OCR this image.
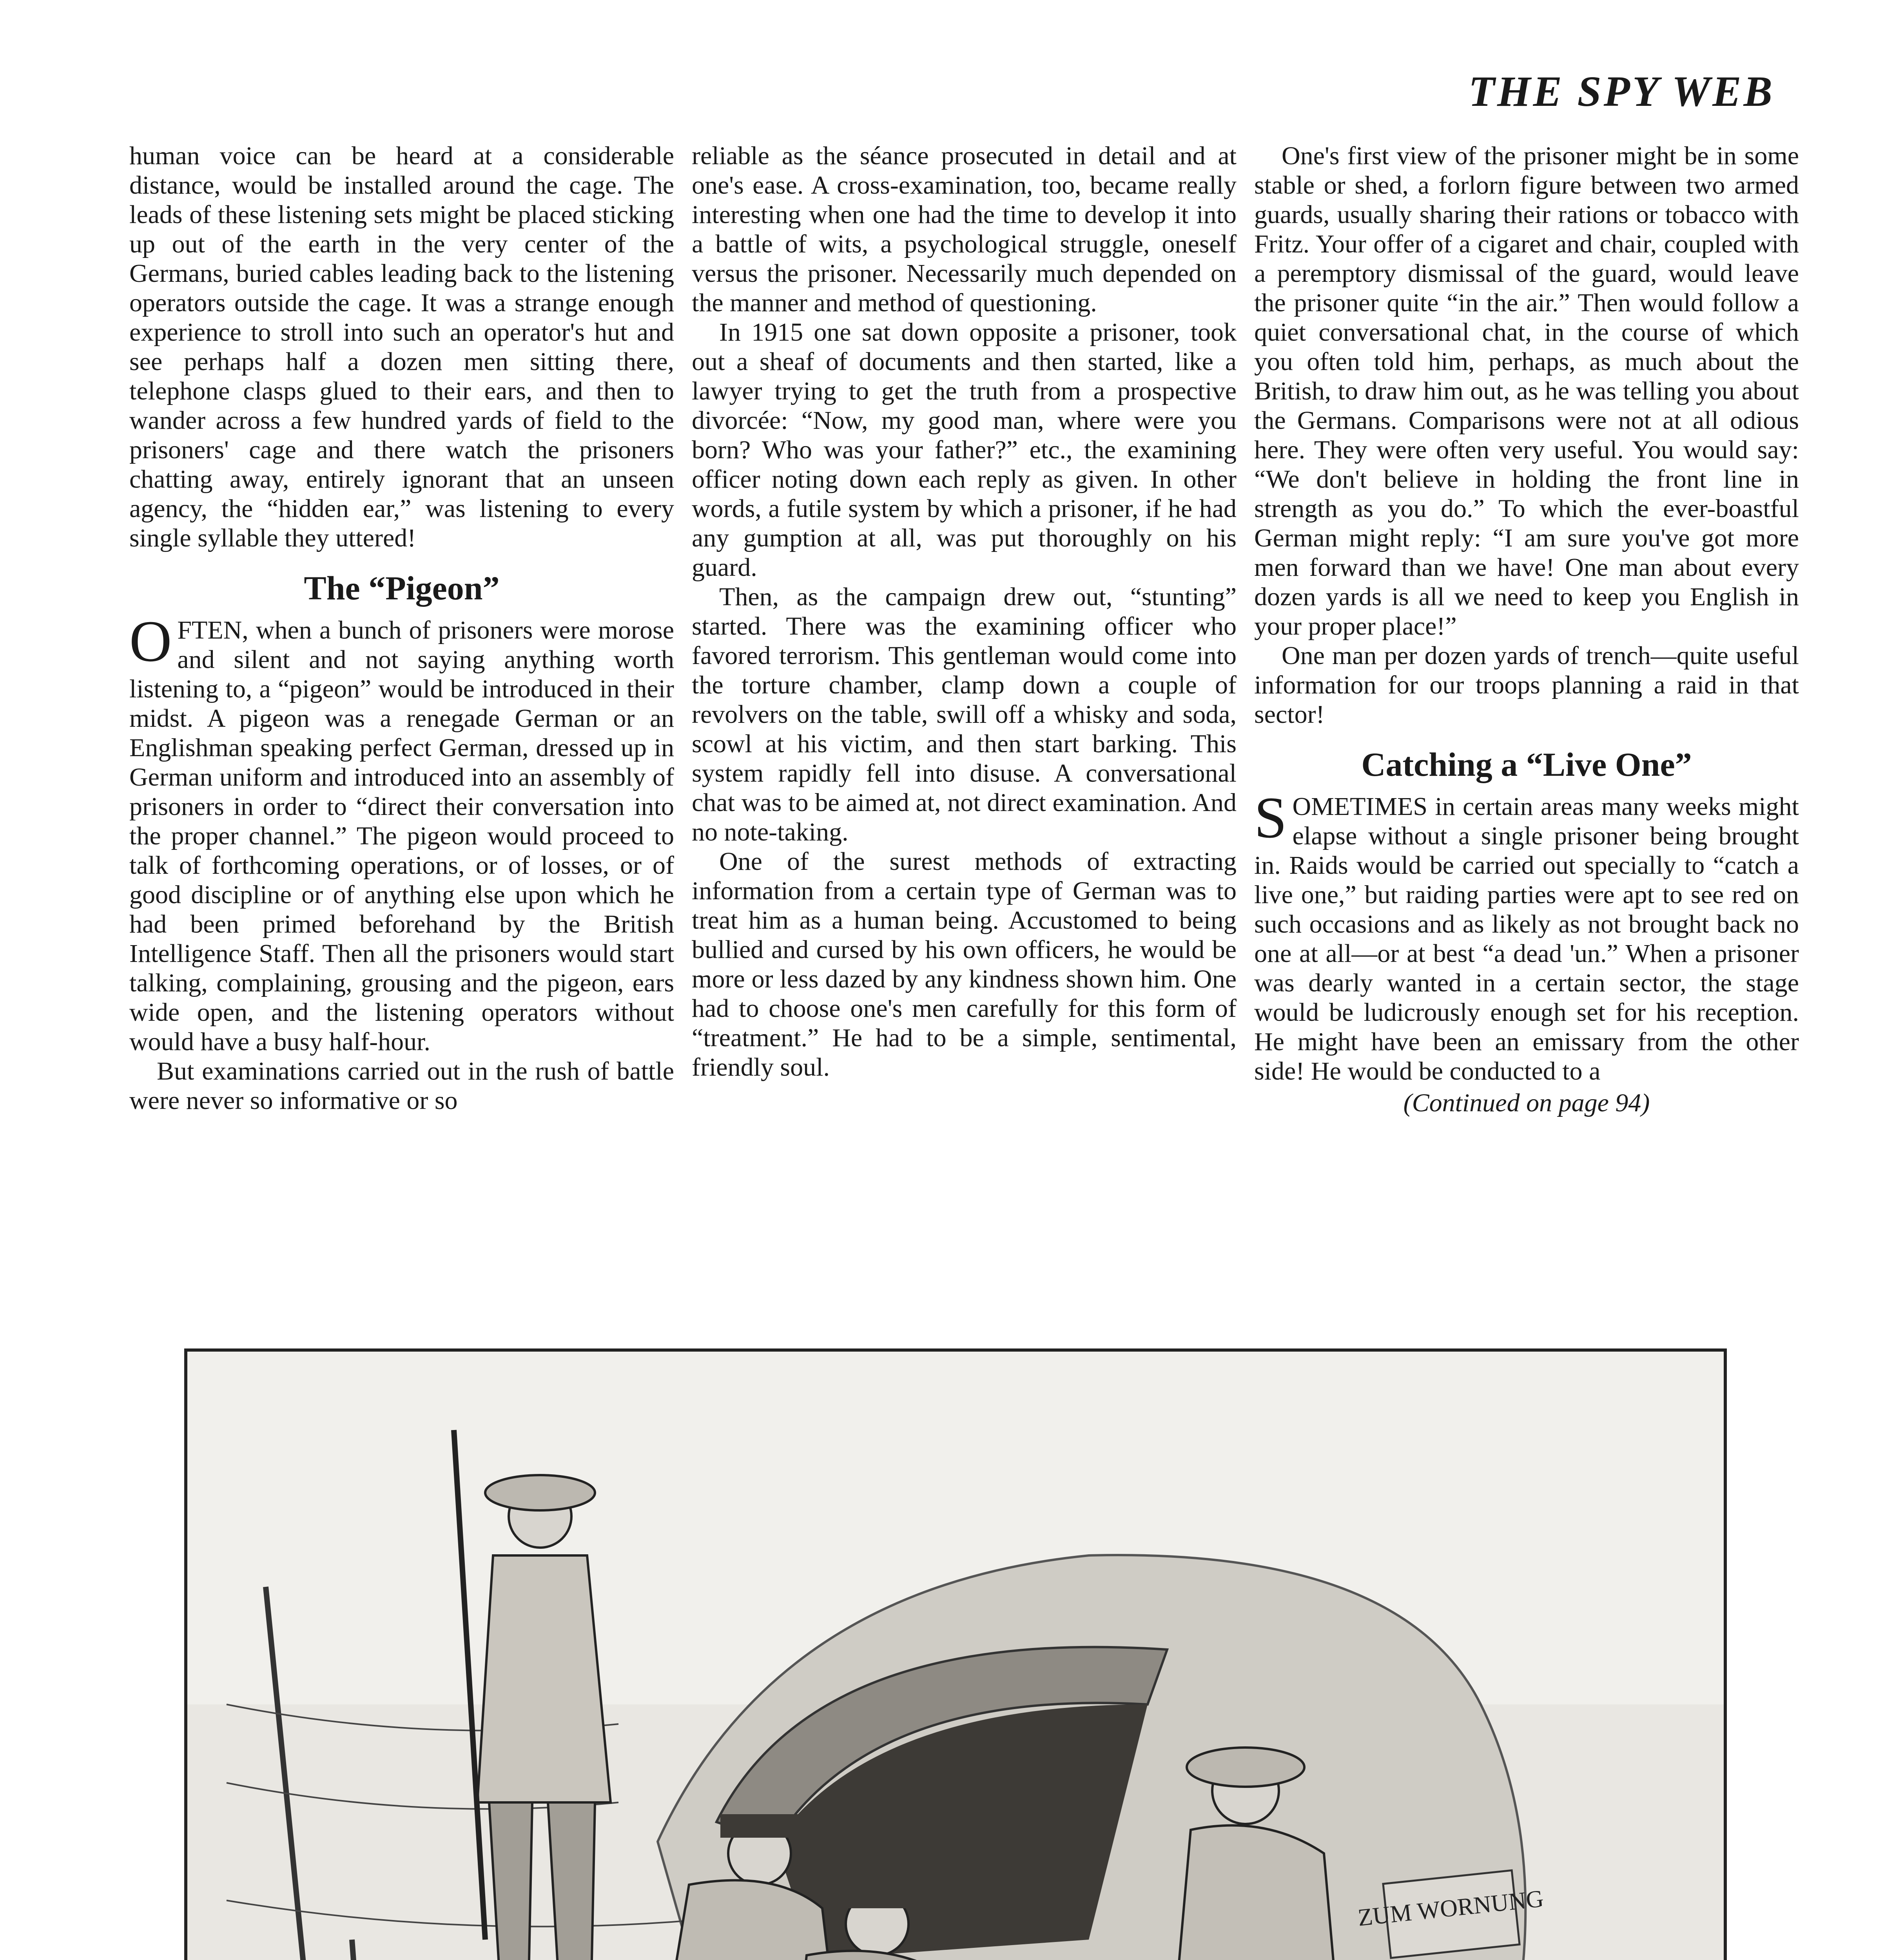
THE SPY WEB

human voice can be heard at a considerable distance, would be installed around the cage. The leads of these listening sets might be placed sticking up out of the earth in the very center of the Germans, buried cables leading back to the listening operators outside the cage. It was a strange enough experience to stroll into such an operator's hut and see perhaps half a dozen men sitting there, telephone clasps glued to their ears, and then to wander across a few hundred yards of field to the prisoners' cage and there watch the prisoners chatting away, entirely ignorant that an unseen agency, the “hidden ear,” was listening to every single syllable they uttered!

The “Pigeon”

OFTEN, when a bunch of prisoners were morose and silent and not saying anything worth listening to, a “pigeon” would be introduced in their midst. A pigeon was a renegade German or an Englishman speaking perfect German, dressed up in German uniform and introduced into an assembly of prisoners in order to “direct their conversation into the proper channel.” The pigeon would proceed to talk of forthcoming operations, or of losses, or of good discipline or of anything else upon which he had been primed beforehand by the British Intelligence Staff. Then all the prisoners would start talking, complaining, grousing and the pigeon, ears wide open, and the listening operators without would have a busy half-hour.

But examinations carried out in the rush of battle were never so informative or so

reliable as the séance prosecuted in detail and at one's ease. A cross-examination, too, became really interesting when one had the time to develop it into a battle of wits, a psychological struggle, oneself versus the prisoner. Necessarily much depended on the manner and method of questioning.

In 1915 one sat down opposite a prisoner, took out a sheaf of documents and then started, like a lawyer trying to get the truth from a prospective divorcée: “Now, my good man, where were you born? Who was your father?” etc., the examining officer noting down each reply as given. In other words, a futile system by which a prisoner, if he had any gumption at all, was put thoroughly on his guard.

Then, as the campaign drew out, “stunting” started. There was the examining officer who favored terrorism. This gentleman would come into the torture chamber, clamp down a couple of revolvers on the table, swill off a whisky and soda, scowl at his victim, and then start barking. This system rapidly fell into disuse. A conversational chat was to be aimed at, not direct examination. And no note-taking.

One of the surest methods of extracting information from a certain type of German was to treat him as a human being. Accustomed to being bullied and cursed by his own officers, he would be more or less dazed by any kindness shown him. One had to choose one's men carefully for this form of “treatment.” He had to be a simple, sentimental, friendly soul.

One's first view of the prisoner might be in some stable or shed, a forlorn figure between two armed guards, usually sharing their rations or tobacco with Fritz. Your offer of a cigaret and chair, coupled with a peremptory dismissal of the guard, would leave the prisoner quite “in the air.” Then would follow a quiet conversational chat, in the course of which you often told him, perhaps, as much about the British, to draw him out, as he was telling you about the Germans. Comparisons were not at all odious here. They were often very useful. You would say: “We don't believe in holding the front line in strength as you do.” To which the ever-boastful German might reply: “I am sure you've got more men forward than we have! One man about every dozen yards is all we need to keep you English in your proper place!”

One man per dozen yards of trench—quite useful information for our troops planning a raid in that sector!

Catching a “Live One”

SOMETIMES in certain areas many weeks might elapse without a single prisoner being brought in. Raids would be carried out specially to “catch a live one,” but raiding parties were apt to see red on such occasions and as likely as not brought back no one at all—or at best “a dead 'un.” When a prisoner was dearly wanted in a certain sector, the stage would be ludicrously enough set for his reception. He might have been an emissary from the other side! He would be conducted to a

(Continued on page 94)
ZUM WORNUNG
